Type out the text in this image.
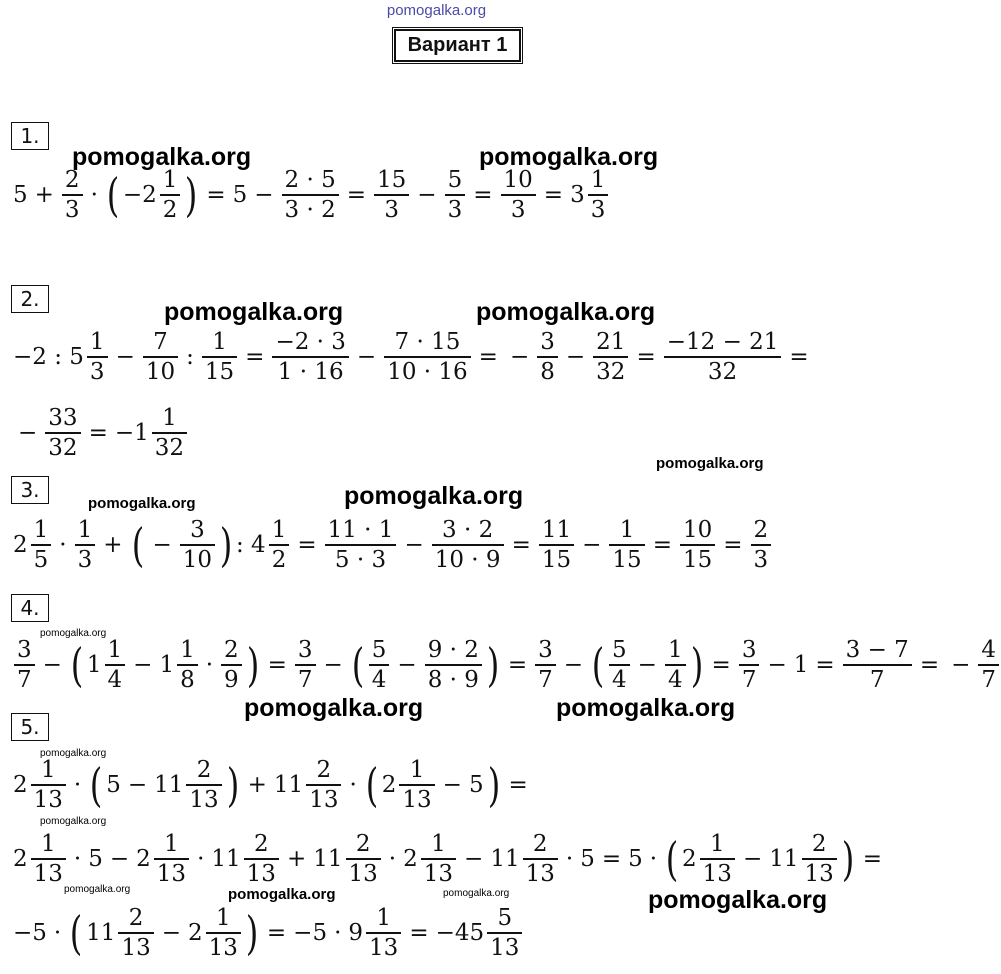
pomogalka.org
Вариант 1
1.
2.
3.
4.
5.
$5 + \frac{2}{3}$ · ( $-2 \frac{1}{2}$ ) = $5 - \frac{2 \cdot 5}{3 \cdot 2} = \frac{15}{3} - \frac{5}{3} = \frac{10}{3} = 3 \frac{1}{3}$
−2 : $5 \frac{1}{3} - \frac{7}{10}$ : $\frac{1}{15} = \frac{-2 \cdot 3}{1 \cdot 16} - \frac{7 \cdot 15}{10 \cdot 16}$ = − $\frac{3}{8} - \frac{21}{32} = \frac{-12 - 21}{32}$ =
− $\frac{33}{32} = -1 \frac{1}{32}$
$2 \frac{1}{5} \cdot \frac{1}{3}$ + ( − $\frac{3}{10}$ ) : $4 \frac{1}{2} = \frac{11 \cdot 1}{5 \cdot 3} - \frac{3 \cdot 2}{10 \cdot 9} = \frac{11}{15} - \frac{1}{15} = \frac{10}{15} = \frac{2}{3}$
$\frac{3}{7}$ − ( $1 \frac{1}{4} - 1 \frac{1}{8} \cdot \frac{2}{9}$ ) = $\frac{3}{7}$ − ( $\frac{5}{4} - \frac{9 \cdot 2}{8 \cdot 9}$ ) = $\frac{3}{7}$ − ( $\frac{5}{4} - \frac{1}{4}$ ) = $\frac{3}{7} - 1 = \frac{3 - 7}{7}$ = − $\frac{4}{7}$
$2 \frac{1}{13}$ · ( $5 - 11 \frac{2}{13}$ ) + $11 \frac{2}{13}$ · ( $2 \frac{1}{13} - 5$ ) =
$2 \frac{1}{13} \cdot 5 - 2 \frac{1}{13} \cdot 11 \frac{2}{13} + 11 \frac{2}{13} \cdot 2 \frac{1}{13} - 11 \frac{2}{13} \cdot 5 = 5$ · ( $2 \frac{1}{13} - 11 \frac{2}{13}$ ) =
−5 · ( $11 \frac{2}{13} - 2 \frac{1}{13}$ ) = $-5 \cdot 9 \frac{1}{13} = -45 \frac{5}{13}$
pomogalka.org	pomogalka.org
pomogalka.org	pomogalka.org
pomogalka.org
pomogalka.org	pomogalka.org
pomogalka.org
pomogalka.org	pomogalka.org
pomogalka.org
pomogalka.org
pomogalka.org	pomogalka.org	pomogalka.org	pomogalka.org
